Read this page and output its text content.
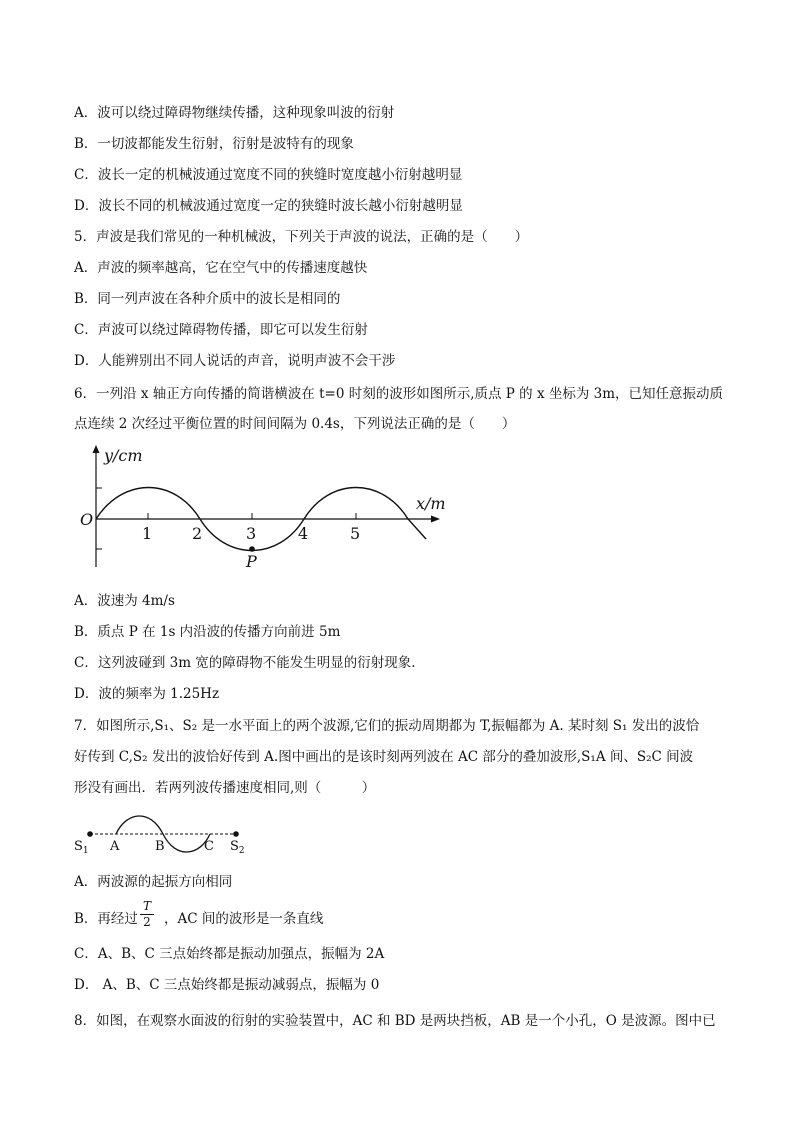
A．波可以绕过障碍物继续传播，这种现象叫波的衍射
B．一切波都能发生衍射，衍射是波特有的现象
C．波长一定的机械波通过宽度不同的狭缝时宽度越小衍射越明显
D．波长不同的机械波通过宽度一定的狭缝时波长越小衍射越明显
5．声波是我们常见的一种机械波，下列关于声波的说法，正确的是（　　）
A．声波的频率越高，它在空气中的传播速度越快
B．同一列声波在各种介质中的波长是相同的
C．声波可以绕过障碍物传播，即它可以发生衍射
D．人能辨别出不同人说话的声音，说明声波不会干涉
6．一列沿 x 轴正方向传播的简谐横波在 t=0 时刻的波形如图所示,质点 P 的 x 坐标为 3m，已知任意振动质
点连续 2 次经过平衡位置的时间间隔为 0.4s，下列说法正确的是（　　）
y/cm
x/m
O
1 2	3	4	5
P
A．波速为 4m/s
B．质点 P 在 1s 内沿波的传播方向前进 5m
C．这列波碰到 3m 宽的障碍物不能发生明显的衍射现象.
D．波的频率为 1.25Hz
7．如图所示,S₁、S₂ 是一水平面上的两个波源,它们的振动周期都为 T,振幅都为 A. 某时刻 S₁ 发出的波恰
好传到 C,S₂ 发出的波恰好传到 A.图中画出的是该时刻两列波在 AC 部分的叠加波形,S₁A 间、S₂C 间波
形没有画出．若两列波传播速度相同,则（　　　）
$S_1$ A	B	C $S_2$
A．两波源的起振方向相同
B．再经过 $\frac{T}{2}$ ，AC 间的波形是一条直线
C．A、B、C 三点始终都是振动加强点，振幅为 2A
D． A、B、C 三点始终都是振动减弱点，振幅为 0
8．如图，在观察水面波的衍射的实验装置中，AC 和 BD 是两块挡板，AB 是一个小孔，O 是波源。图中已
